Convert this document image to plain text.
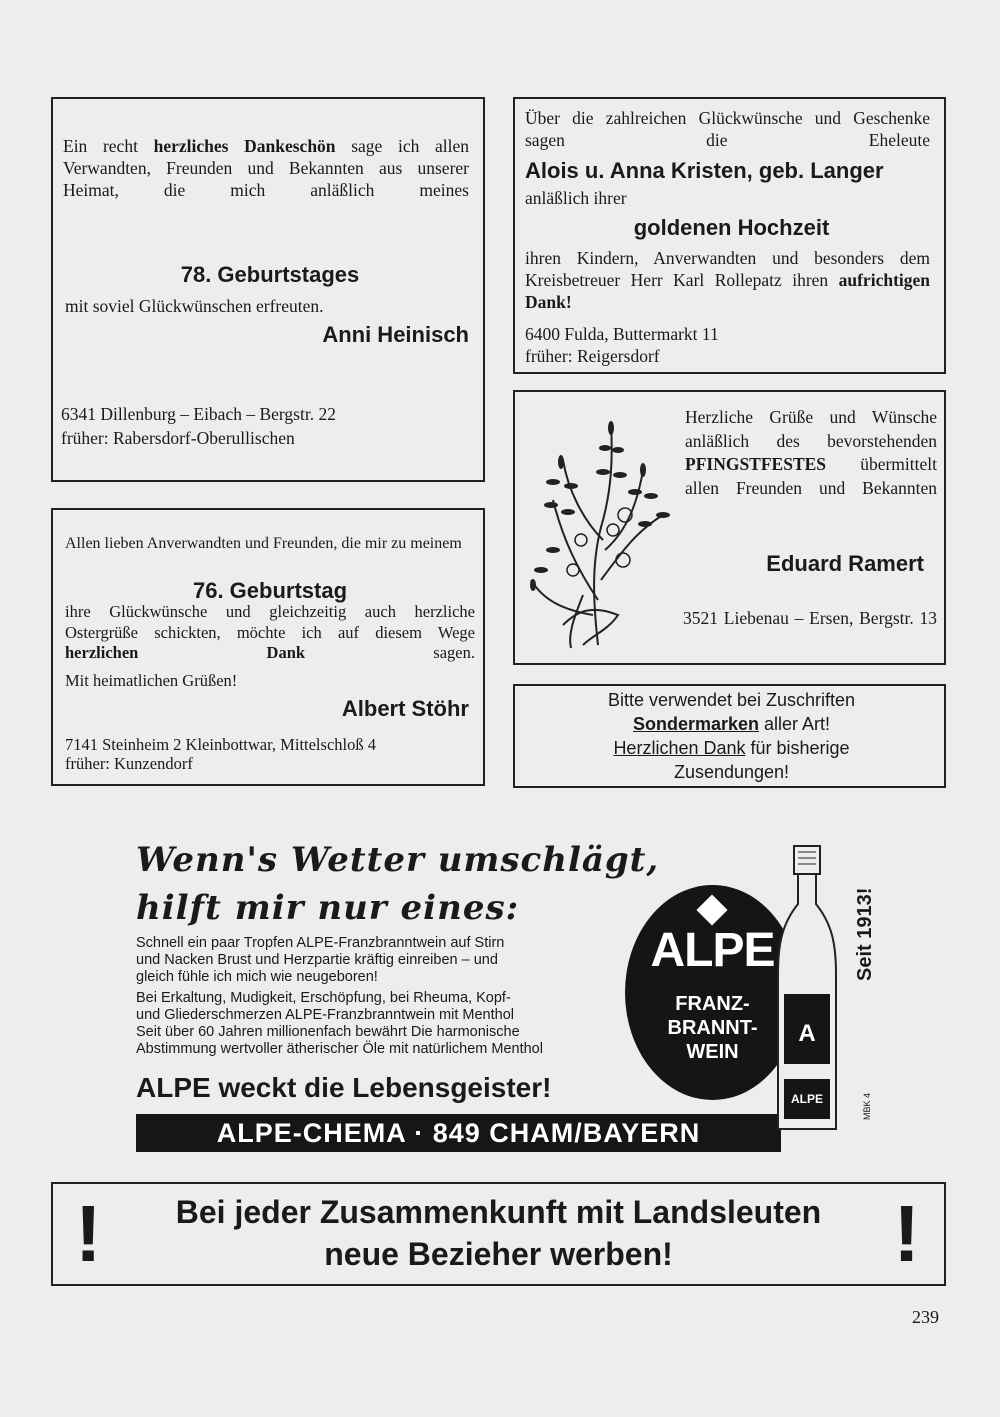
Ein recht herzliches Dankeschön sage ich allen Verwandten, Freunden und Bekannten aus unserer Heimat, die mich anläßlich meines

78. Geburtstages
mit soviel Glückwünschen erfreuten.
Anni Heinisch
6341 Dillenburg – Eibach – Bergstr. 22
früher: Rabersdorf-Oberullischen

Über die zahlreichen Glückwünsche und Geschenke sagen die Eheleute

Alois u. Anna Kristen, geb. Langer
anläßlich ihrer
goldenen Hochzeit

ihren Kindern, Anverwandten und besonders dem Kreisbetreuer Herr Karl Rollepatz ihren aufrichtigen Dank!

6400 Fulda, Buttermarkt 11
früher: Reigersdorf

Herzliche Grüße und Wünsche anläßlich des bevorstehenden PFINGSTFESTES übermittelt allen Freunden und Bekannten

Eduard Ramert

3521 Liebenau – Ersen, Bergstr. 13

Allen lieben Anverwandten und Freunden, die mir zu meinem

76. Geburtstag

ihre Glückwünsche und gleichzeitig auch herzliche Ostergrüße schickten, möchte ich auf diesem Wege herzlichen Dank	sagen.

Mit heimatlichen Grüßen!
Albert Stöhr
7141 Steinheim 2 Kleinbottwar, Mittelschloß 4
früher: Kunzendorf
Bitte verwendet bei Zuschriften
Sondermarken aller Art!
Herzlichen Dank für bisherige
Zusendungen!
Wenn's Wetter umschlägt,
hilft mir nur eines:
Schnell ein paar Tropfen ALPE-Franzbranntwein auf Stirn
und Nacken Brust und Herzpartie kräftig einreiben – und
gleich fühle ich mich wie neugeboren!
Bei Erkaltung, Mudigkeit, Erschöpfung, bei Rheuma, Kopf-
und Gliederschmerzen ALPE-Franzbranntwein mit Menthol
Seit über 60 Jahren millionenfach bewährt Die harmonische
Abstimmung wertvoller ätherischer Öle mit natürlichem Menthol
ALPE weckt die Lebensgeister!
ALPE-CHEMA · 849 CHAM/BAYERN
ALPE
FRANZ-
BRANNT-
WEIN
A
ALPE
Seit 1913!
MBK 4
!	Bei jeder Zusammenkunft mit Landsleuten
neue Bezieher werben!	!
239
